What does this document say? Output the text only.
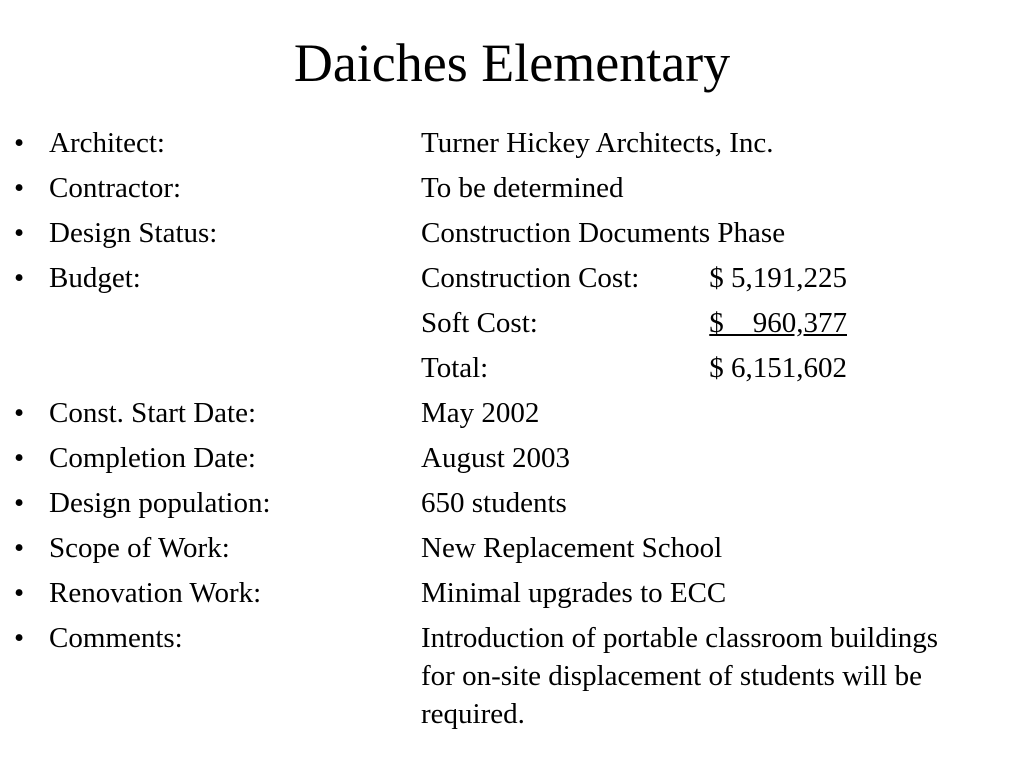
Daiches Elementary
• Architect:	Turner Hickey Architects, Inc.
• Contractor:	To be determined
• Design Status:	Construction Documents Phase
• Budget:	Construction Cost:	$ 5,191,225
Soft Cost:	$    960,377
Total:	$ 6,151,602
• Const. Start Date:	May 2002
• Completion Date:	August 2003
• Design population:	650 students
• Scope of Work:	New Replacement School
• Renovation Work:	Minimal upgrades to ECC
• Comments:	Introduction of portable classroom buildings for on-site displacement of students will be required.
